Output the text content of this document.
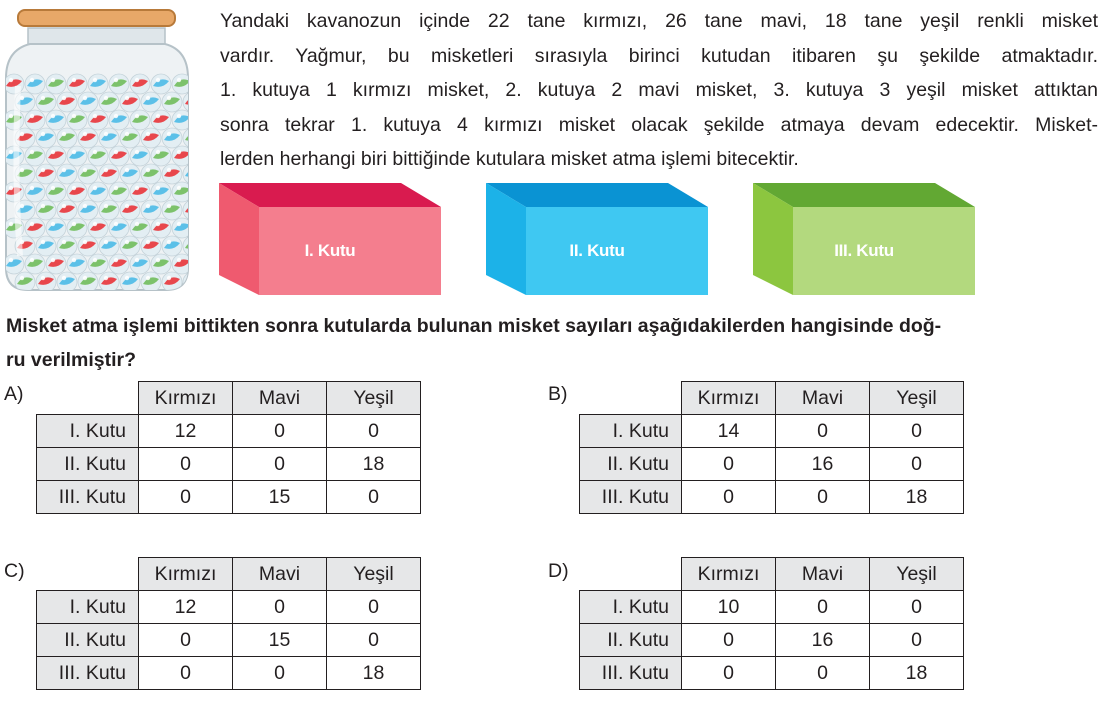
Yandaki kavanozun içinde 22 tane kırmızı, 26 tane mavi, 18 tane yeşil renkli misket
vardır. Yağmur, bu misketleri sırasıyla birinci kutudan itibaren şu şekilde atmaktadır.
1. kutuya 1 kırmızı misket, 2. kutuya 2 mavi misket, 3. kutuya 3 yeşil misket attıktan
sonra tekrar 1. kutuya 4 kırmızı misket olacak şekilde atmaya devam edecektir. Misket-
lerden herhangi biri bittiğinde kutulara misket atma işlemi bitecektir.

I. Kutu	II. Kutu	III. Kutu

Misket atma işlemi bittikten sonra kutularda bulunan misket sayıları aşağıdakilerden hangisinde doğ-
ru verilmiştir?

A)
		Kırmızı	Mavi	Yeşil
I. Kutu	12	0	0
II. Kutu	0	0	18
III. Kutu	0	15	0
B)
		Kırmızı	Mavi	Yeşil
I. Kutu	14	0	0
II. Kutu	0	16	0
III. Kutu	0	0	18
C)
		Kırmızı	Mavi	Yeşil
I. Kutu	12	0	0
II. Kutu	0	15	0
III. Kutu	0	0	18
D)
		Kırmızı	Mavi	Yeşil
I. Kutu	10	0	0
II. Kutu	0	16	0
III. Kutu	0	0	18
